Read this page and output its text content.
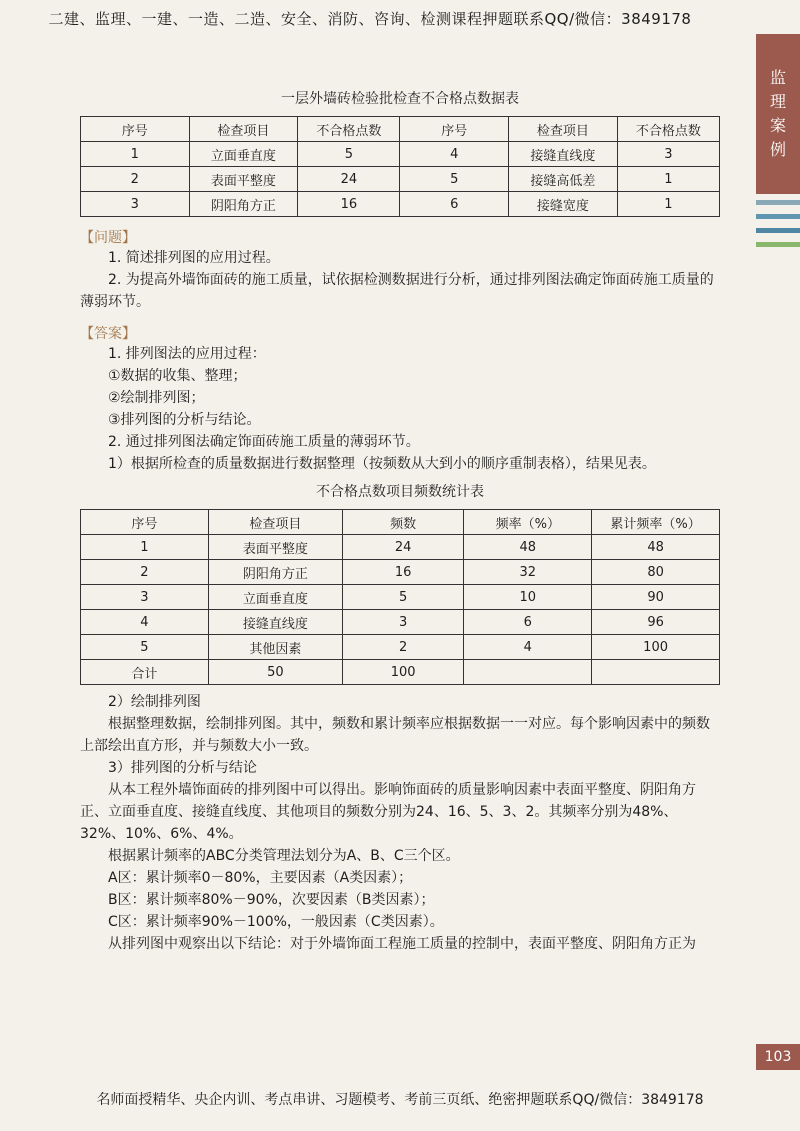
二建、监理、一建、一造、二造、安全、消防、咨询、检测课程押题联系QQ/微信：3849178
监
理
案
例
一层外墙砖检验批检查不合格点数据表
序号	检查项目	不合格点数	序号	检查项目	不合格点数
1	立面垂直度	5	4	接缝直线度	3
2	表面平整度	24	5	接缝高低差	1
3	阴阳角方正	16	6	接缝宽度	1
【问题】

1. 简述排列图的应用过程。

2. 为提高外墙饰面砖的施工质量，试依据检测数据进行分析，通过排列图法确定饰面砖施工质量的薄弱环节。

【答案】

1. 排列图法的应用过程：

①数据的收集、整理；

②绘制排列图；

③排列图的分析与结论。

2. 通过排列图法确定饰面砖施工质量的薄弱环节。

1）根据所检查的质量数据进行数据整理（按频数从大到小的顺序重制表格），结果见表。

不合格点数项目频数统计表
序号	检查项目	频数	频率（%）	累计频率（%）
1	表面平整度	24	48	48
2	阴阳角方正	16	32	80
3	立面垂直度	5	10	90
4	接缝直线度	3	6	96
5	其他因素	2	4	100
合计	50	100		

2）绘制排列图

根据整理数据，绘制排列图。其中，频数和累计频率应根据数据一一对应。每个影响因素中的频数上部绘出直方形，并与频数大小一致。

3）排列图的分析与结论

从本工程外墙饰面砖的排列图中可以得出。影响饰面砖的质量影响因素中表面平整度、阴阳角方正、立面垂直度、接缝直线度、其他项目的频数分别为24、16、5、3、2。其频率分别为48%、32%、10%、6%、4%。

根据累计频率的ABC分类管理法划分为A、B、C三个区。

A区：累计频率0－80%，主要因素（A类因素）；

B区：累计频率80%－90%，次要因素（B类因素）；

C区：累计频率90%－100%，一般因素（C类因素）。

从排列图中观察出以下结论：对于外墙饰面工程施工质量的控制中，表面平整度、阴阳角方正为

103
名师面授精华、央企内训、考点串讲、习题模考、考前三页纸、绝密押题联系QQ/微信：3849178
